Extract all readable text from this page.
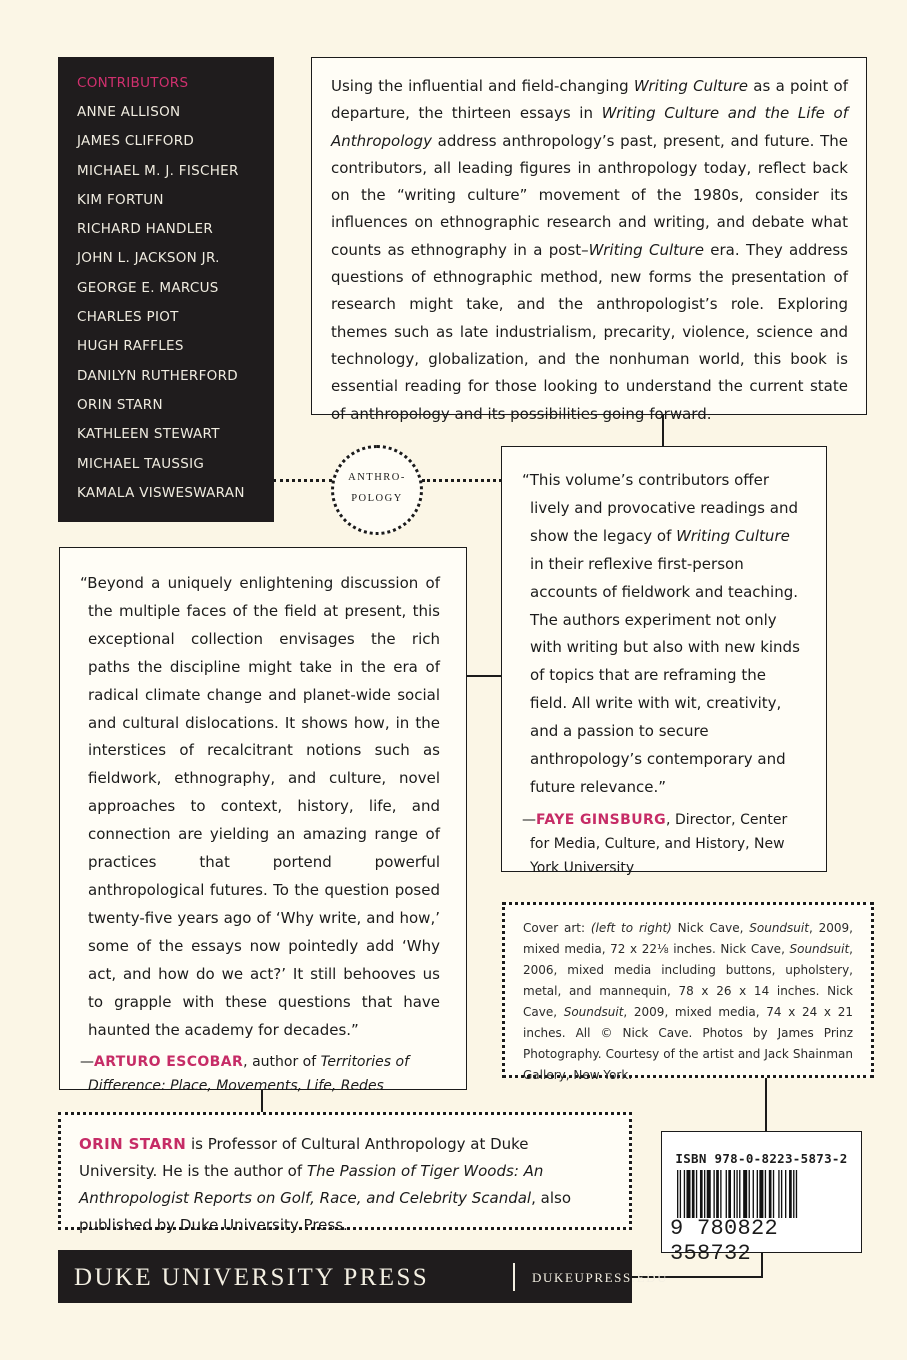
CONTRIBUTORS
ANNE ALLISON
JAMES CLIFFORD
MICHAEL M. J. FISCHER
KIM FORTUN
RICHARD HANDLER
JOHN L. JACKSON JR.
GEORGE E. MARCUS
CHARLES PIOT
HUGH RAFFLES
DANILYN RUTHERFORD
ORIN STARN
KATHLEEN STEWART
MICHAEL TAUSSIG
KAMALA VISWESWARAN

Using the influential and field-changing Writing Culture as a point of departure, the thirteen essays in Writing Culture and the Life of Anthropology address anthropology’s past, present, and future. The contributors, all leading figures in anthropology today, reflect back on the “writing culture” movement of the 1980s, consider its influences on ethnographic research and writing, and debate what counts as ethnography in a post–Writing Culture era. They address questions of ethnographic method, new forms the presentation of research might take, and the anthropologist’s role. Exploring themes such as late industrialism, precarity, violence, science and technology, globalization, and the nonhuman world, this book is essential reading for those looking to understand the current state of anthropology and its possibilities going forward.

ANTHRO-
POLOGY

“This volume’s contributors offer lively and provocative readings and show the legacy of Writing Culture in their reflexive first-person accounts of fieldwork and teaching. The authors experiment not only with writing but also with new kinds of topics that are reframing the field. All write with wit, creativity, and a passion to secure anthropology’s contemporary and future relevance.”

—FAYE GINSBURG, Director, Center for Media, Culture, and History, New York University

“Beyond a uniquely enlightening discussion of the multiple faces of the field at present, this exceptional collection envisages the rich paths the discipline might take in the era of radical climate change and planet-wide social and cultural dislocations. It shows how, in the interstices of recalcitrant notions such as fieldwork, ethnography, and culture, novel approaches to context, history, life, and connection are yielding an amazing range of practices that portend powerful anthropological futures. To the question posed twenty-five years ago of ‘Why write, and how,’ some of the essays now pointedly add ‘Why act, and how do we act?’ It still behooves us to grapple with these questions that have haunted the academy for decades.”

—ARTURO ESCOBAR, author of Territories of Difference: Place, Movements, Life, Redes

Cover art: (left to right) Nick Cave, Soundsuit, 2009, mixed media, 72 x 22⅛ inches. Nick Cave, Soundsuit, 2006, mixed media including buttons, upholstery, metal, and mannequin, 78 x 26 x 14 inches. Nick Cave, Soundsuit, 2009, mixed media, 74 x 24 x 21 inches. All © Nick Cave. Photos by James Prinz Photography. Courtesy of the artist and Jack Shainman Gallery, New York.
ORIN STARN is Professor of Cultural Anthropology at Duke University. He is the author of The Passion of Tiger Woods: An Anthropologist Reports on Golf, Race, and Celebrity Scandal, also published by Duke University Press.
ISBN 978-0-8223-5873-2
9 780822 358732
DUKE UNIVERSITY PRESS	DUKEUPRESS.EDU
